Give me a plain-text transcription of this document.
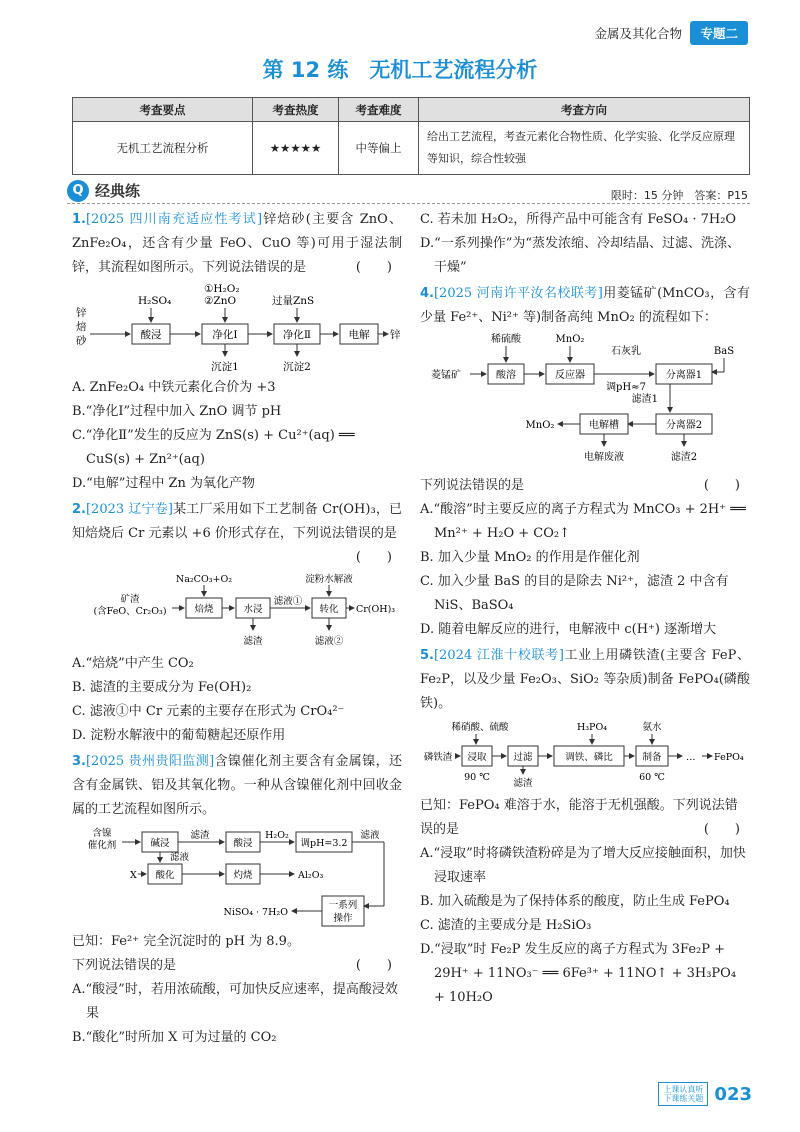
金属及其化合物	专题二
第 12 练　无机工艺流程分析
考查要点	考查热度	考查难度	考查方向
无机工艺流程分析	★★★★★	中等偏上	给出工艺流程，考查元素化合物性质、化学实验、化学反应原理等知识，综合性较强
Q 经典练	限时：15 分钟　答案：P15
1.[2025 四川南充适应性考试]锌焙砂(主要含 ZnO、ZnFe₂O₄，还含有少量 FeO、CuO 等)可用于湿法制锌，其流程如图所示。下列说法错误的是	(　　)
锌焙砂	酸浸	净化Ⅰ	净化Ⅱ	电解 锌
H₂SO₄
①H₂O₂
②ZnO	过量ZnS
沉淀1	沉淀2
A. ZnFe₂O₄ 中铁元素化合价为 +3
B.“净化Ⅰ”过程中加入 ZnO 调节 pH
C.“净化Ⅱ”发生的反应为 ZnS(s) + Cu²⁺(aq) ══ CuS(s) + Zn²⁺(aq)
D.“电解”过程中 Zn 为氧化产物
2.[2023 辽宁卷]某工厂采用如下工艺制备 Cr(OH)₃，已知焙烧后 Cr 元素以 +6 价形式存在，下列说法错误的是
(　　)
矿渣
(含FeO、Cr₂O₃)	焙烧	水浸
滤液①
转化 Cr(OH)₃
Na₂CO₃+O₂	淀粉水解液
滤渣	滤液②
A.“焙烧”中产生 CO₂
B. 滤渣的主要成分为 Fe(OH)₂
C. 滤液①中 Cr 元素的主要存在形式为 CrO₄²⁻
D. 淀粉水解液中的葡萄糖起还原作用
3.[2025 贵州贵阳监测]含镍催化剂主要含有金属镍，还含有金属铁、铝及其氧化物。一种从含镍催化剂中回收金属的工艺流程如图所示。
含镍
催化剂	碱浸
滤渣
酸浸
H₂O₂
调pH=3.2
滤液
滤液
X 酸化	灼烧	Al₂O₃
一系列
操作
NiSO₄ · 7H₂O
已知：Fe²⁺ 完全沉淀时的 pH 为 8.9。
下列说法错误的是	(　　)
A.“酸浸”时，若用浓硫酸，可加快反应速率，提高酸浸效果
B.“酸化”时所加 X 可为过量的 CO₂
C. 若未加 H₂O₂，所得产品中可能含有 FeSO₄ · 7H₂O
D.“一系列操作”为“蒸发浓缩、冷却结晶、过滤、洗涤、干燥”
4.[2025 河南许平汝名校联考]用菱锰矿(MnCO₃，含有少量 Fe²⁺、Ni²⁺ 等)制备高纯 MnO₂ 的流程如下：
稀硫酸	MnO₂
石灰乳
调pH≈7
BaS
菱锰矿	酸溶	反应器	分离器1
滤渣1
分离器2
电解槽
MnO₂
电解废液	滤渣2
下列说法错误的是	(　　)
A.“酸溶”时主要反应的离子方程式为 MnCO₃ + 2H⁺ ══ Mn²⁺ + H₂O + CO₂↑
B. 加入少量 MnO₂ 的作用是作催化剂
C. 加入少量 BaS 的目的是除去 Ni²⁺，滤渣 2 中含有 NiS、BaSO₄
D. 随着电解反应的进行，电解液中 c(H⁺) 逐渐增大
5.[2024 江淮十校联考]工业上用磷铁渣(主要含 FeP、Fe₂P，以及少量 Fe₂O₃、SiO₂ 等杂质)制备 FePO₄(磷酸铁)。
稀硝酸、硫酸	H₃PO₄	氨水
磷铁渣 浸取	过滤	调铁、磷比	制备	… FePO₄
90 ℃
滤渣
60 ℃
已知：FePO₄ 难溶于水，能溶于无机强酸。下列说法错误的是	(　　)
A.“浸取”时将磷铁渣粉碎是为了增大反应接触面积，加快浸取速率
B. 加入硫酸是为了保持体系的酸度，防止生成 FePO₄
C. 滤渣的主要成分是 H₂SiO₃
D.“浸取”时 Fe₂P 发生反应的离子方程式为 3Fe₂P + 29H⁺ + 11NO₃⁻ ══ 6Fe³⁺ + 11NO↑ + 3H₃PO₄ + 10H₂O
上课认真听
下课练关题 023
